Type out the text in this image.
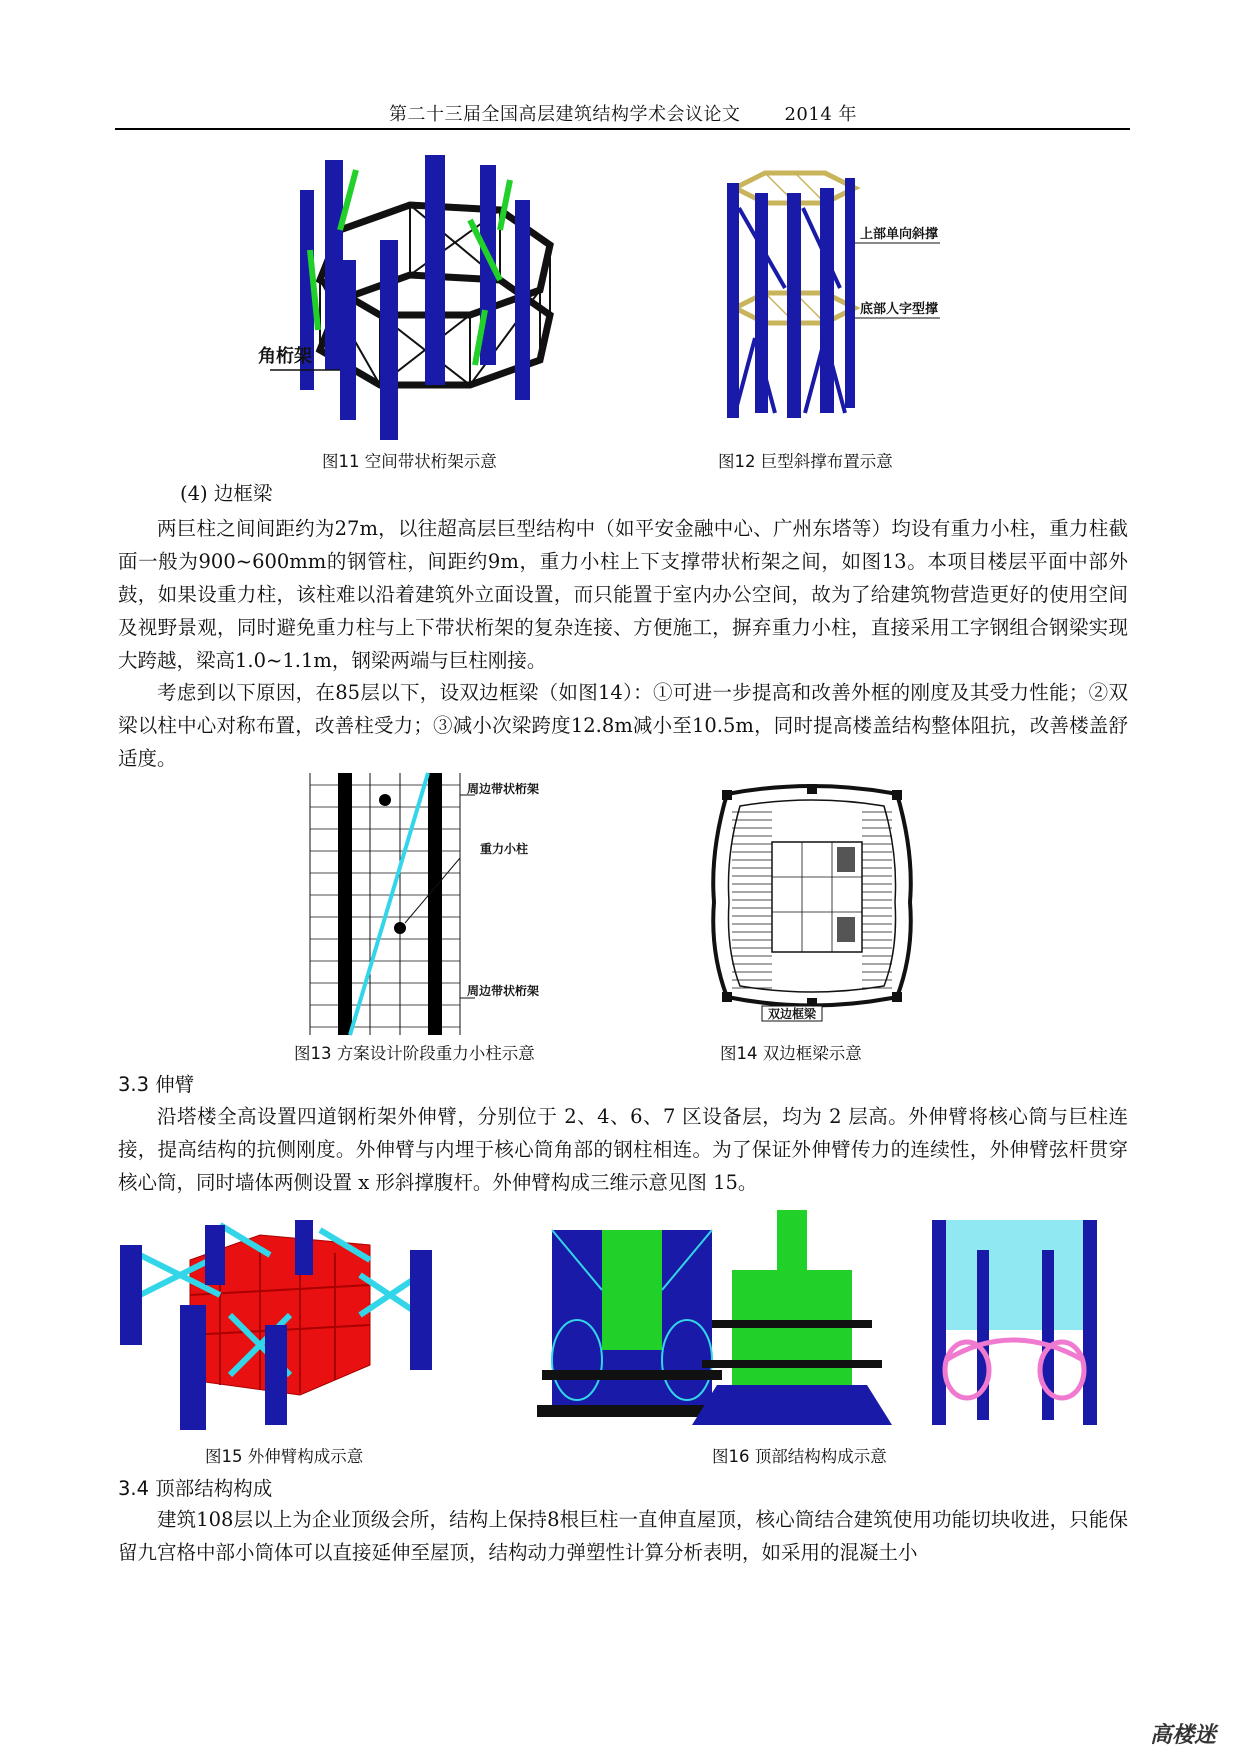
第二十三届全国高层建筑结构学术会议论文 2014 年
角桁架
图11 空间带状桁架示意
上部单向斜撑
底部人字型撑
图12 巨型斜撑布置示意
(4) 边框梁

两巨柱之间间距约为27m，以往超高层巨型结构中（如平安金融中心、广州东塔等）均设有重力小柱，重力柱截面一般为900~600mm的钢管柱，间距约9m，重力小柱上下支撑带状桁架之间，如图13。本项目楼层平面中部外鼓，如果设重力柱，该柱难以沿着建筑外立面设置，而只能置于室内办公空间，故为了给建筑物营造更好的使用空间及视野景观，同时避免重力柱与上下带状桁架的复杂连接、方便施工，摒弃重力小柱，直接采用工字钢组合钢梁实现大跨越，梁高1.0~1.1m，钢梁两端与巨柱刚接。

考虑到以下原因，在85层以下，设双边框梁（如图14）：①可进一步提高和改善外框的刚度及其受力性能；②双梁以柱中心对称布置，改善柱受力；③减小次梁跨度12.8m减小至10.5m，同时提高楼盖结构整体阻抗，改善楼盖舒适度。

周边带状桁架
重力小柱
周边带状桁架
图13 方案设计阶段重力小柱示意
双边框梁
图14 双边框梁示意
3.3 伸臂

沿塔楼全高设置四道钢桁架外伸臂，分别位于 2、4、6、7 区设备层，均为 2 层高。外伸臂将核心筒与巨柱连接，提高结构的抗侧刚度。外伸臂与内埋于核心筒角部的钢柱相连。为了保证外伸臂传力的连续性，外伸臂弦杆贯穿核心筒，同时墙体两侧设置 x 形斜撑腹杆。外伸臂构成三维示意见图 15。

图15 外伸臂构成示意	图16 顶部结构构成示意
3.4 顶部结构构成

建筑108层以上为企业顶级会所，结构上保持8根巨柱一直伸直屋顶，核心筒结合建筑使用功能切块收进，只能保留九宫格中部小筒体可以直接延伸至屋顶，结构动力弹塑性计算分析表明，如采用的混凝土小

高楼迷
